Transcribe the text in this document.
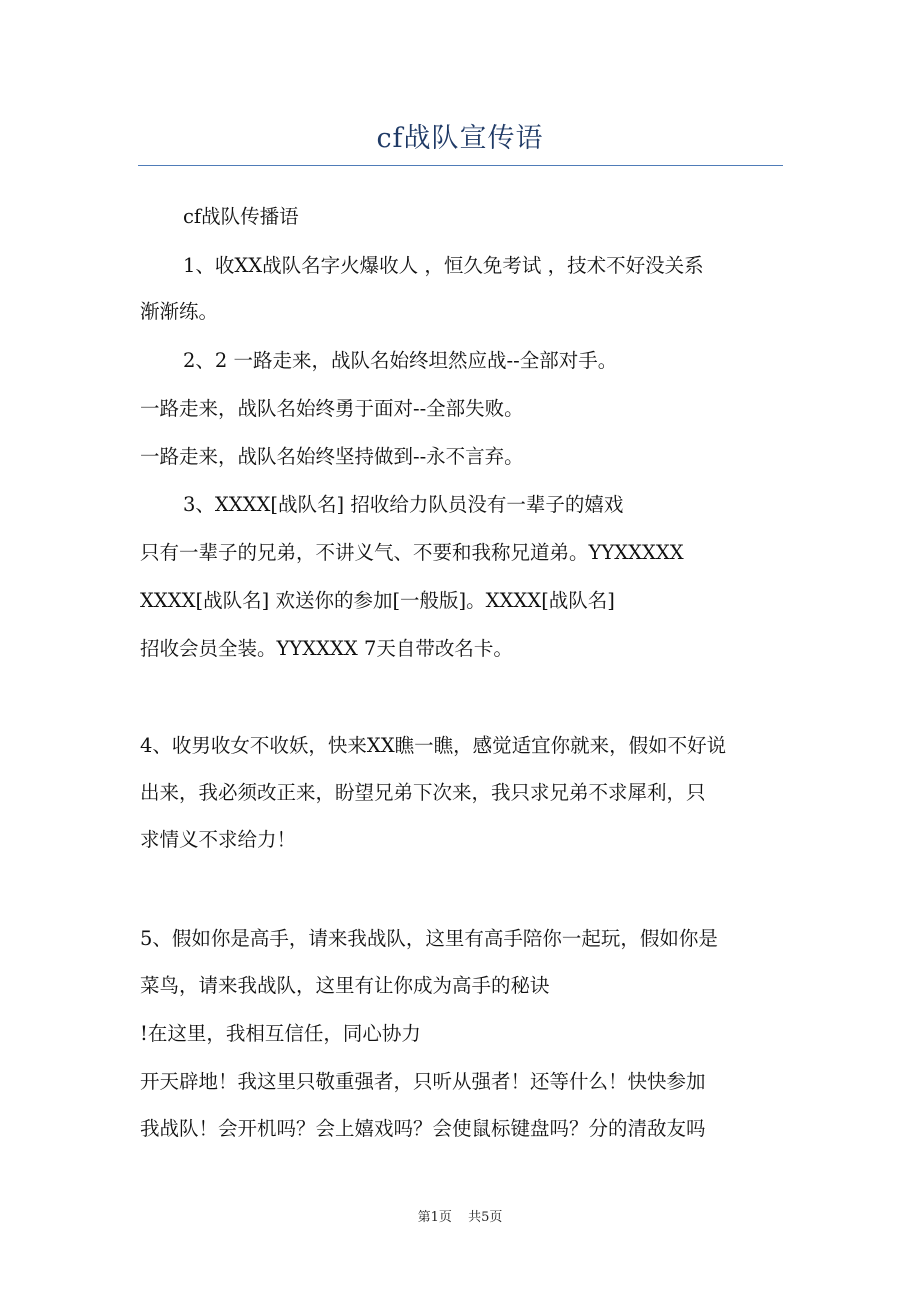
cf战队宣传语
cf战队传播语
1、收XX战队名字火爆收人 ，恒久免考试 ，技术不好没关系
渐渐练。
2、2 一路走来，战队名始终坦然应战--全部对手。
一路走来，战队名始终勇于面对--全部失败。
一路走来，战队名始终坚持做到--永不言弃。
3、XXXX[战队名] 招收给力队员没有一辈子的嬉戏
只有一辈子的兄弟，不讲义气、不要和我称兄道弟。YYXXXXX
XXXX[战队名] 欢送你的参加[一般版]。XXXX[战队名]
招收会员全装。YYXXXX 7天自带改名卡。
4、收男收女不收妖，快来XX瞧一瞧，感觉适宜你就来，假如不好说
出来，我必须改正来，盼望兄弟下次来，我只求兄弟不求犀利，只
求情义不求给力！
5、假如你是高手，请来我战队，这里有高手陪你一起玩，假如你是
菜鸟，请来我战队，这里有让你成为高手的秘诀
!在这里，我相互信任，同心协力
开天辟地！我这里只敬重强者，只听从强者！还等什么！快快参加
我战队！会开机吗？会上嬉戏吗？会使鼠标键盘吗？分的清敌友吗
第1页 共5页
